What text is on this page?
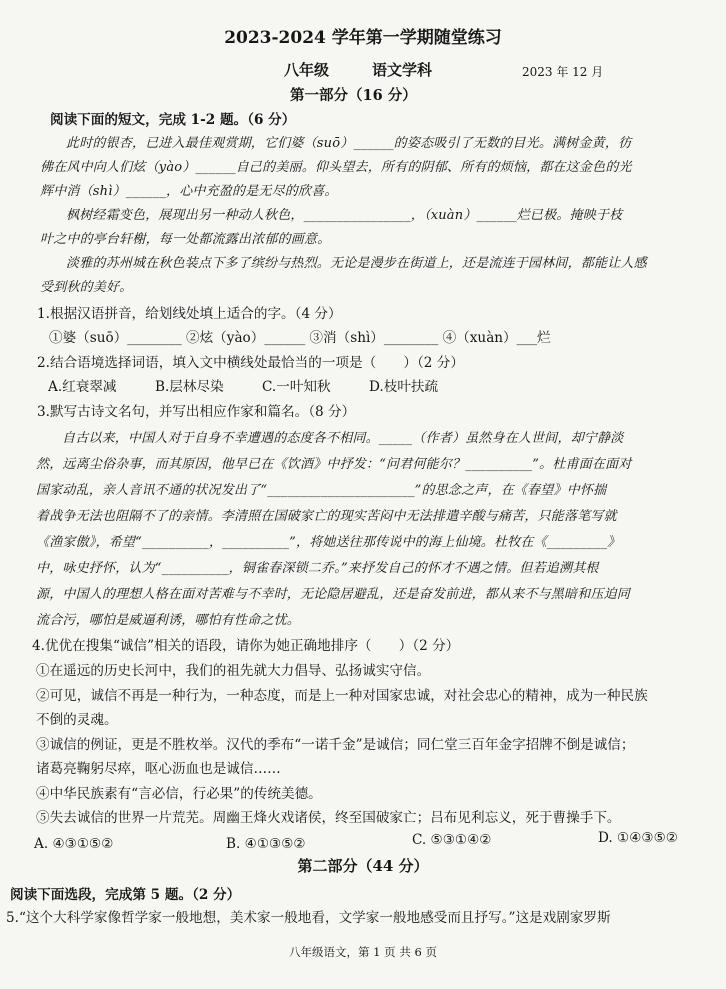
2023-2024 学年第一学期随堂练习
八年级	语文学科	2023 年 12 月
第一部分（16 分）
阅读下面的短文，完成 1-2 题。（6 分）
此时的银杏，已进入最佳观赏期，它们婆（suō）______的姿态吸引了无数的目光。满树金黄，彷
佛在风中向人们炫（yào）______自己的美丽。仰头望去，所有的阴郁、所有的烦恼，都在这金色的光
辉中消（shì）______，心中充盈的是无尽的欣喜。
枫树经霜变色，展现出另一种动人秋色，________________，（xuàn）______烂已极。掩映于枝
叶之中的亭台轩榭，每一处都流露出浓郁的画意。
淡雅的苏州城在秋色装点下多了缤纷与热烈。无论是漫步在街道上，还是流连于园林间，都能让人感
受到秋的美好。
1.根据汉语拼音，给划线处填上适合的字。（4 分）
①婆（suō）________ ②炫（yào）______ ③消（shì）________ ④（xuàn）___烂
2.结合语境选择词语，填入文中横线处最恰当的一项是（　　）（2 分）
A.红衰翠减	B.层林尽染	C.一叶知秋	D.枝叶扶疏
3.默写古诗文名句，并写出相应作家和篇名。（8 分）
自古以来，中国人对于自身不幸遭遇的态度各不相同。_____（作者）虽然身在人世间，却宁静淡
然，远离尘俗杂事，而其原因，他早已在《饮酒》中抒发：“问君何能尔？__________”。杜甫面在面对
国家动乱，亲人音讯不通的状况发出了“______________________”的思念之声，在《春望》中怀揣
着战争无法也阻隔不了的亲情。李清照在国破家亡的现实苦闷中无法排遣辛酸与痛苦，只能落笔写就
《渔家傲》，希望“__________，__________”，将她送往那传说中的海上仙境。杜牧在《_________》
中，咏史抒怀，认为“__________，铜雀春深锁二乔。”来抒发自己的怀才不遇之情。但若追溯其根
源，中国人的理想人格在面对苦难与不幸时，无论隐居避乱，还是奋发前进，都从来不与黑暗和压迫同
流合污，哪怕是威逼利诱，哪怕有性命之忧。
4.优优在搜集“诚信”相关的语段，请你为她正确地排序（　　）（2 分）
①在遥远的历史长河中，我们的祖先就大力倡导、弘扬诚实守信。
②可见，诚信不再是一种行为，一种态度，而是上一种对国家忠诚，对社会忠心的精神，成为一种民族
不倒的灵魂。
③诚信的例证，更是不胜枚举。汉代的季布“一诺千金”是诚信；同仁堂三百年金字招牌不倒是诚信；
诸葛亮鞠躬尽瘁，呕心沥血也是诚信……
④中华民族素有“言必信，行必果”的传统美德。
⑤失去诚信的世界一片荒芜。周幽王烽火戏诸侯，终至国破家亡；吕布见利忘义，死于曹操手下。
A. ④③①⑤②	B. ④①③⑤②	C. ⑤③①④②	D. ①④③⑤②
第二部分（44 分）
阅读下面选段，完成第 5 题。（2 分）
5.“这个大科学家像哲学家一般地想，美术家一般地看，文学家一般地感受而且抒写。”这是戏剧家罗斯
八年级语文，第 1 页 共 6 页
